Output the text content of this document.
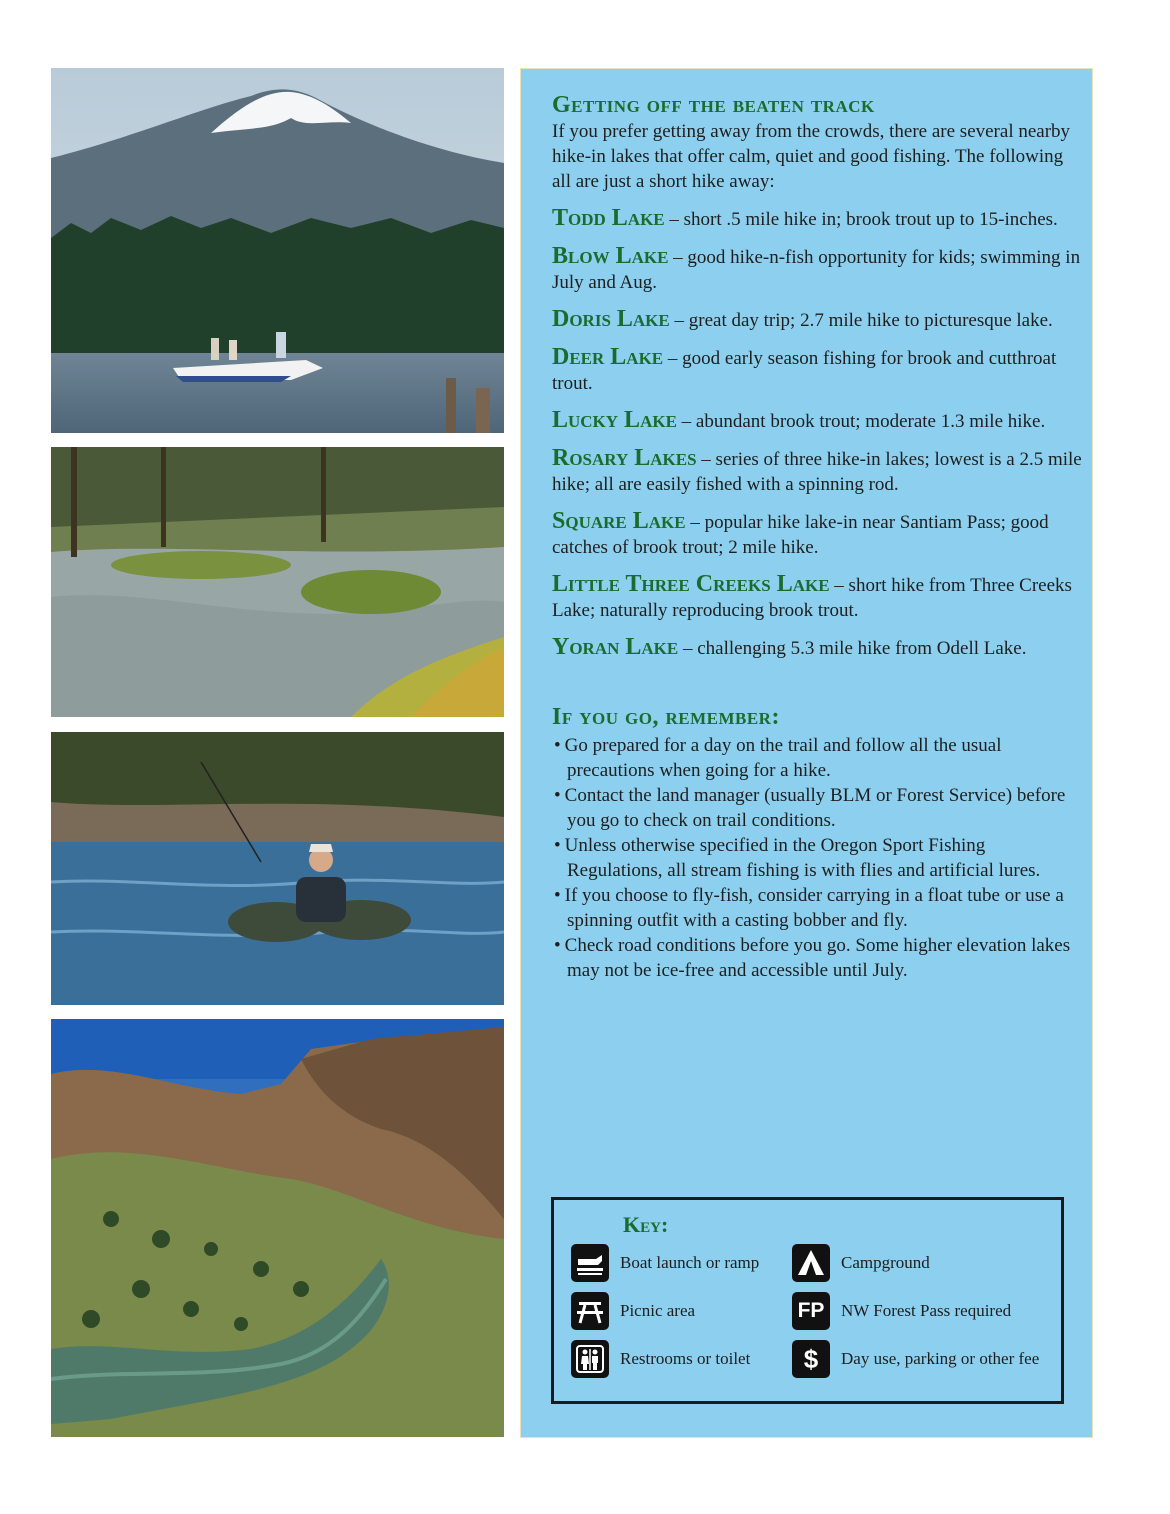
Getting off the beaten track
If you prefer getting away from the crowds, there are several nearby hike-in lakes that offer calm, quiet and good fishing. The following all are just a short hike away:
Todd Lake – short .5 mile hike in; brook trout up to 15-inches.
Blow Lake – good hike-n-fish opportunity for kids; swimming in July and Aug.
Doris Lake – great day trip; 2.7 mile hike to picturesque lake.
Deer Lake – good early season fishing for brook and cutthroat trout.
Lucky Lake – abundant brook trout; moderate 1.3 mile hike.
Rosary Lakes – series of three hike-in lakes; lowest is a 2.5 mile hike; all are easily fished with a spinning rod.
Square Lake – popular hike lake-in near Santiam Pass; good catches of brook trout; 2 mile hike.
Little Three Creeks Lake – short hike from Three Creeks Lake; naturally reproducing brook trout.
Yoran Lake – challenging 5.3 mile hike from Odell Lake.
If you go, remember:
• Go prepared for a day on the trail and follow all the usual precautions when going for a hike.
• Contact the land manager (usually BLM or Forest Service) before you go to check on trail conditions.
• Unless otherwise specified in the Oregon Sport Fishing Regulations, all stream fishing is with flies and artificial lures.
• If you choose to fly-fish, consider carrying in a float tube or use a spinning outfit with a casting bobber and fly.
• Check road conditions before you go. Some higher elevation lakes may not be ice-free and accessible until July.
Key:
Boat launch or ramp	Campground
Picnic area	FP NW Forest Pass required
Restrooms or toilet $ Day use, parking or other fee
